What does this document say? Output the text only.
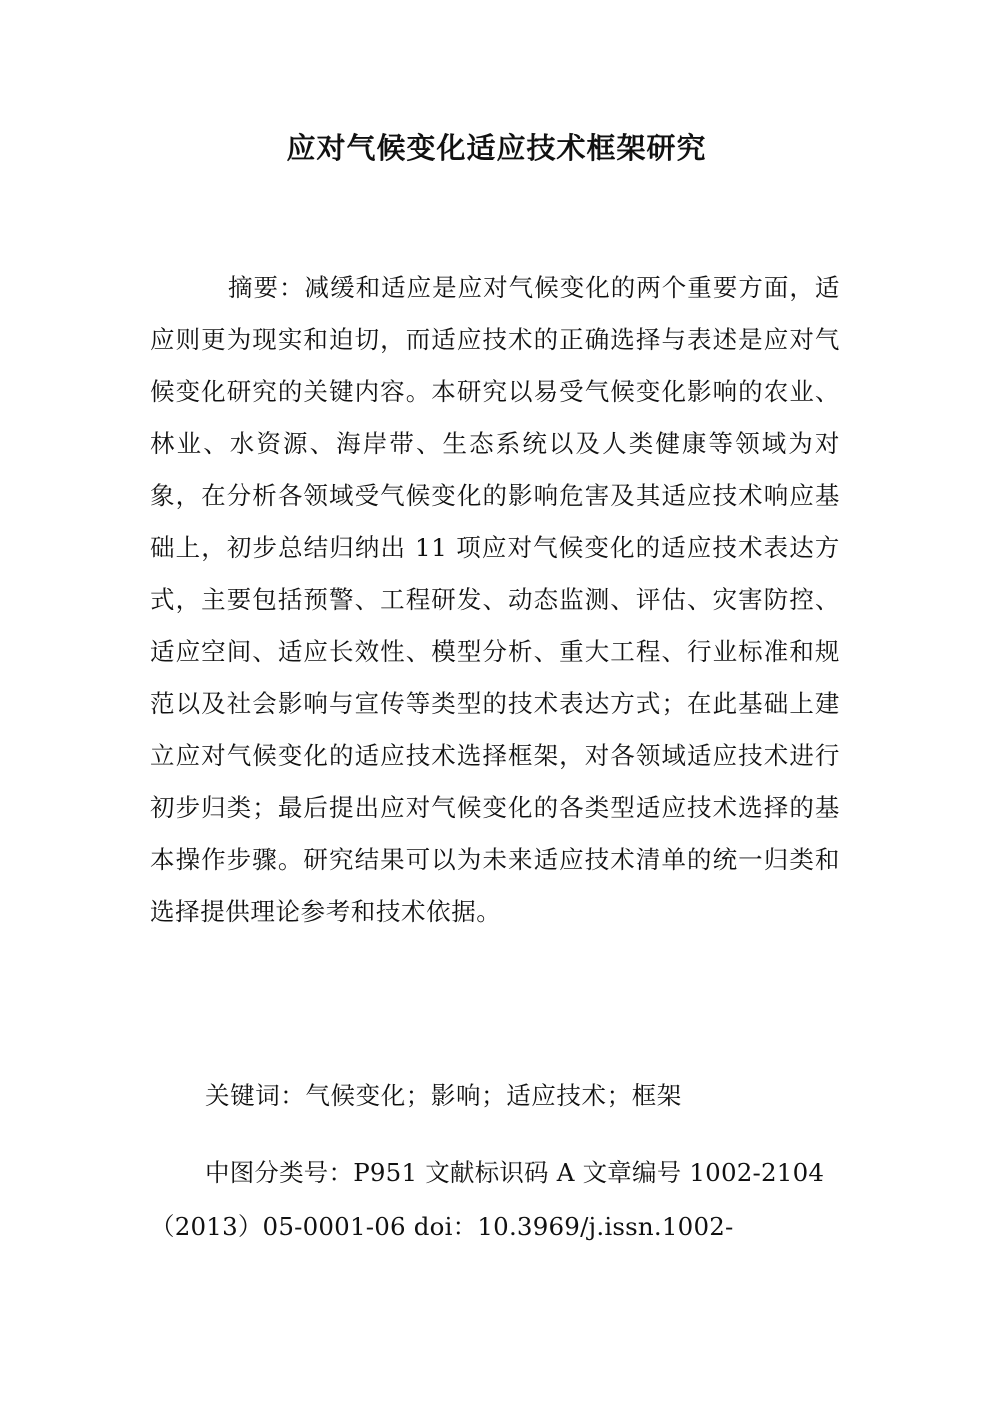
应对气候变化适应技术框架研究

摘要：减缓和适应是应对气候变化的两个重要方面，适应则更为现实和迫切，而适应技术的正确选择与表述是应对气候变化研究的关键内容。本研究以易受气候变化影响的农业、林业、水资源、海岸带、生态系统以及人类健康等领域为对象，在分析各领域受气候变化的影响危害及其适应技术响应基础上，初步总结归纳出 11 项应对气候变化的适应技术表达方式，主要包括预警、工程研发、动态监测、评估、灾害防控、适应空间、适应长效性、模型分析、重大工程、行业标准和规范以及社会影响与宣传等类型的技术表达方式；在此基础上建立应对气候变化的适应技术选择框架，对各领域适应技术进行初步归类；最后提出应对气候变化的各类型适应技术选择的基本操作步骤。研究结果可以为未来适应技术清单的统一归类和选择提供理论参考和技术依据。

关键词：气候变化；影响；适应技术；框架

中图分类号：P951 文献标识码 A 文章编号 1002-2104（2013）05-0001-06 doi：10.3969/j.issn.1002-
